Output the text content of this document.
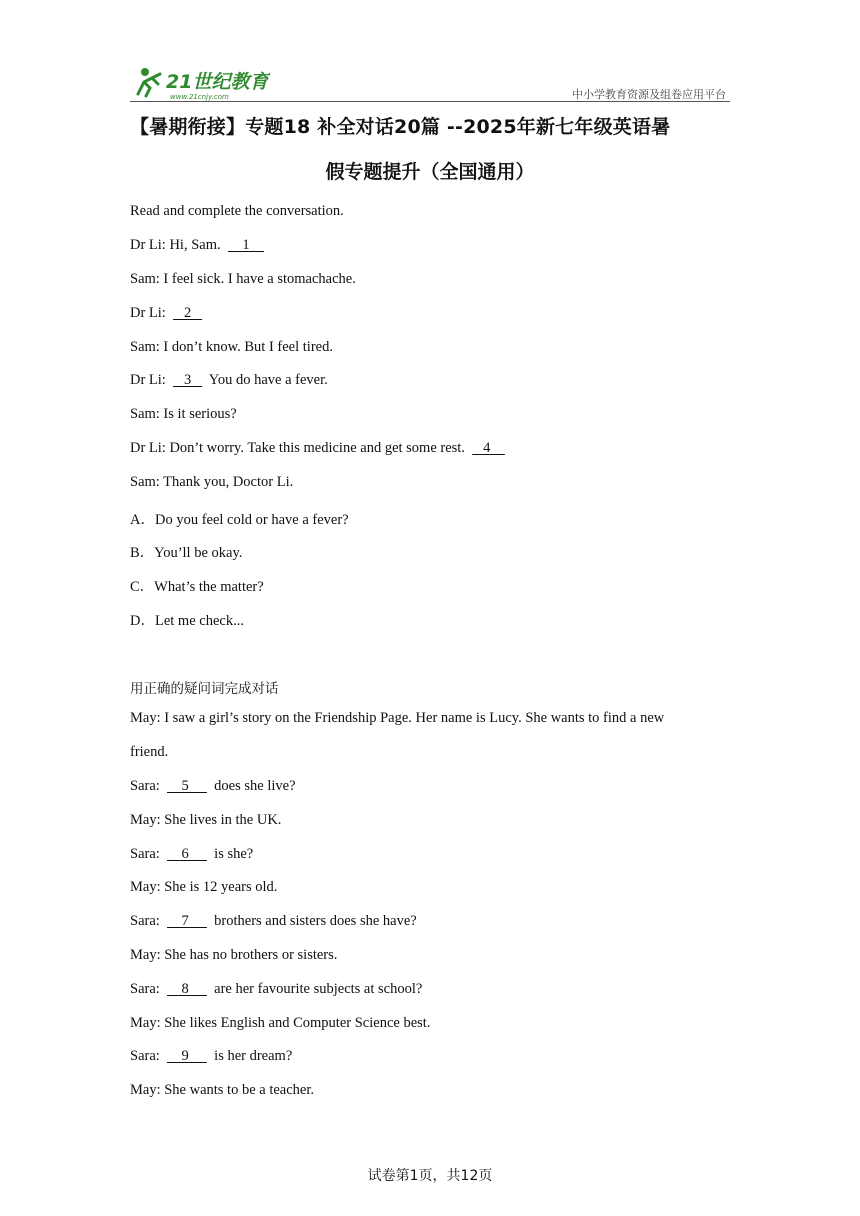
21世纪教育
www.21cnjy.com	中小学教育资源及组卷应用平台
【暑期衔接】专题18 补全对话20篇 --2025年新七年级英语暑
假专题提升（全国通用）
Read and complete the conversation.
Dr Li: Hi, Sam.      1
Sam: I feel sick. I have a stomachache.
Dr Li:     2
Sam: I don’t know. But I feel tired.
Dr Li:     3     You do have a fever.
Sam: Is it serious?
Dr Li: Don’t worry. Take this medicine and get some rest.     4
Sam: Thank you, Doctor Li.
A．Do you feel cold or have a fever?
B．You’ll be okay.
C．What’s the matter?
D．Let me check...
用正确的疑问词完成对话
May: I saw a girl’s story on the Friendship Page. Her name is Lucy. She wants to find a new
friend.
Sara:      5       does she live?
May: She lives in the UK.
Sara:      6       is she?
May: She is 12 years old.
Sara:      7       brothers and sisters does she have?
May: She has no brothers or sisters.
Sara:      8       are her favourite subjects at school?
May: She likes English and Computer Science best.
Sara:      9       is her dream?
May: She wants to be a teacher.
试卷第1页，共12页
